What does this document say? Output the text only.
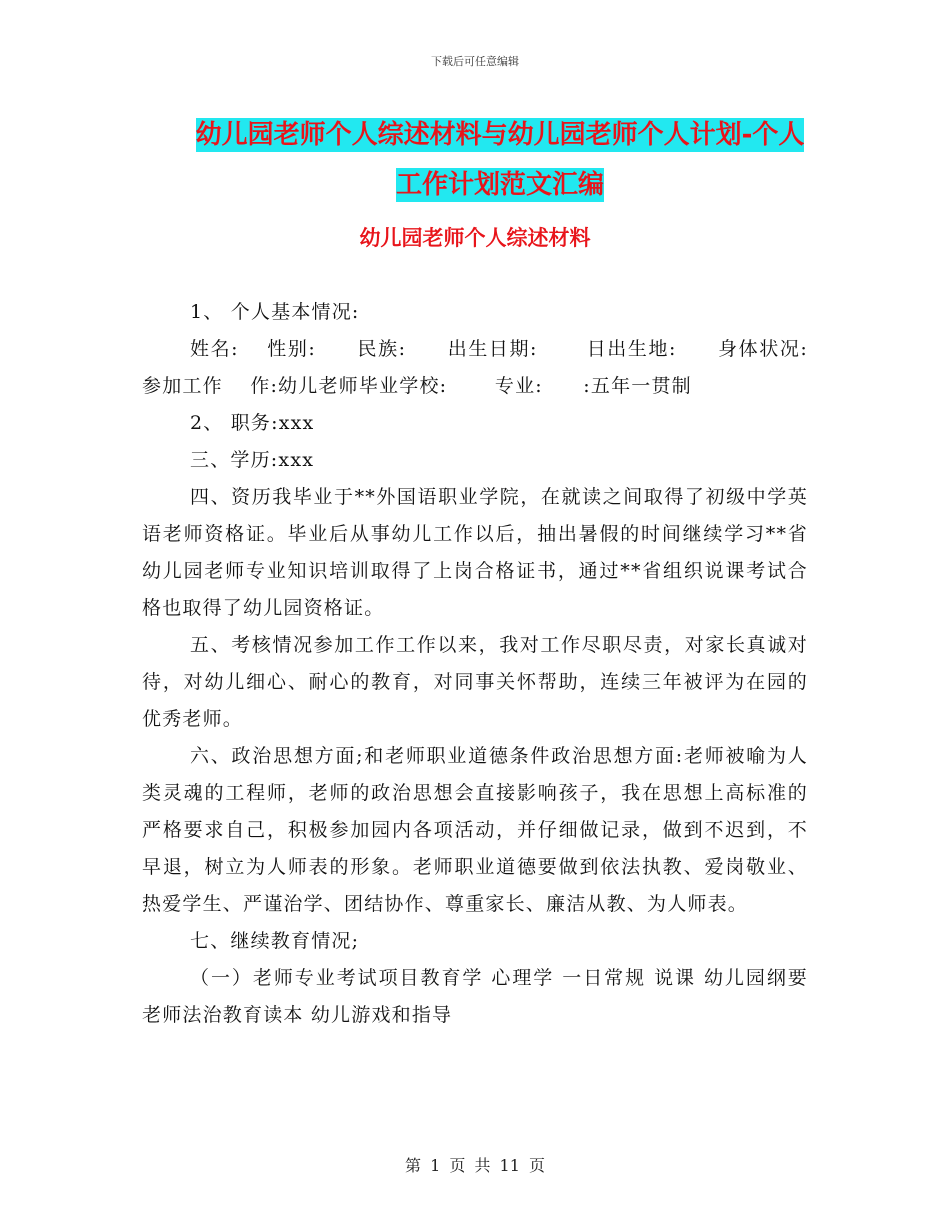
下载后可任意编辑
幼儿园老师个人综述材料与幼儿园老师个人计划-个人
工作计划范文汇编
幼儿园老师个人综述材料

1、 个人基本情况:

姓名:　 性别:　　民族:　　出生日期:　　 日出生地:　　身体状况:　　参加工作　 作:幼儿老师毕业学校:　　 专业:　　:五年一贯制

2、 职务:xxx

三、学历:xxx

四、资历我毕业于**外国语职业学院，在就读之间取得了初级中学英语老师资格证。毕业后从事幼儿工作以后，抽出暑假的时间继续学习**省幼儿园老师专业知识培训取得了上岗合格证书，通过**省组织说课考试合格也取得了幼儿园资格证。

五、考核情况参加工作工作以来，我对工作尽职尽责，对家长真诚对待，对幼儿细心、耐心的教育，对同事关怀帮助，连续三年被评为在园的优秀老师。

六、政治思想方面;和老师职业道德条件政治思想方面:老师被喻为人类灵魂的工程师，老师的政治思想会直接影响孩子，我在思想上高标准的严格要求自己，积极参加园内各项活动，并仔细做记录，做到不迟到，不早退，树立为人师表的形象。老师职业道德要做到依法执教、爱岗敬业、热爱学生、严谨治学、团结协作、尊重家长、廉洁从教、为人师表。

七、继续教育情况;

（一）老师专业考试项目教育学 心理学 一日常规 说课 幼儿园纲要 老师法治教育读本 幼儿游戏和指导

第 1 页 共 11 页
